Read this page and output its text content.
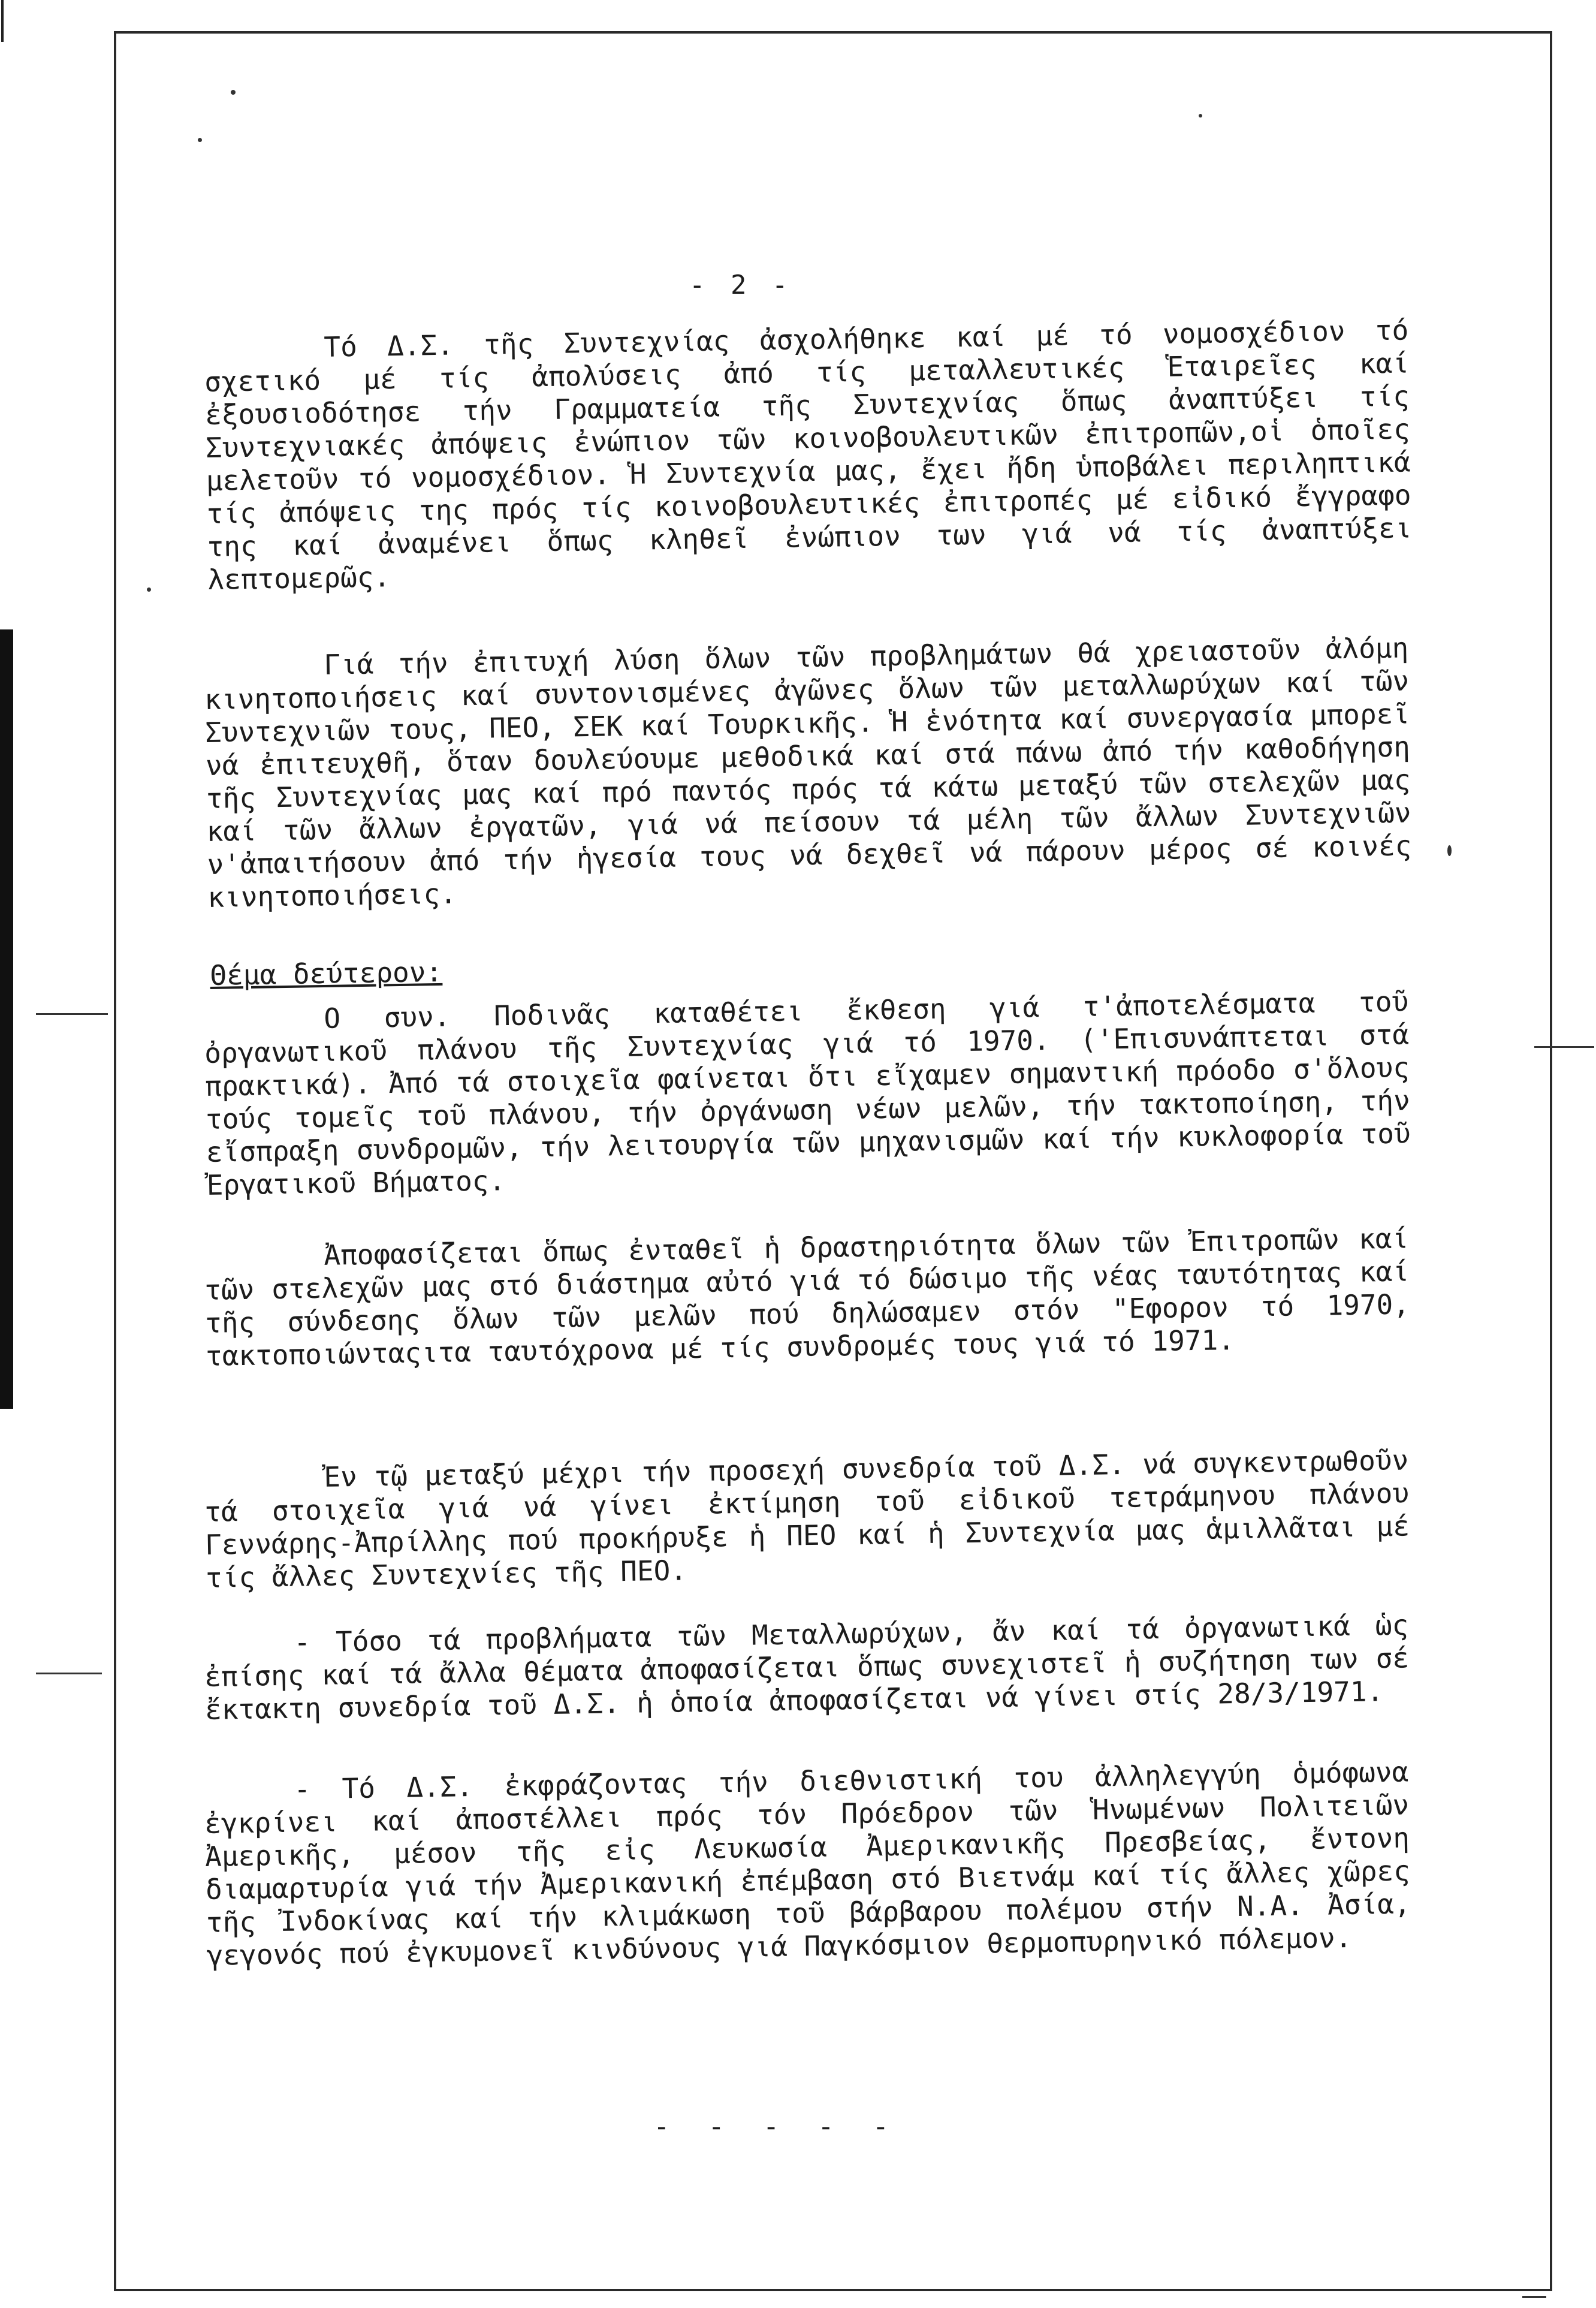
- 2 -
Τό Δ.Σ. τῆς Συντεχνίας ἀσχολήθηκε καί μέ τό νομοσχέδιον τό σχετικό μέ τίς ἀπολύσεις ἀπό τίς μεταλλευτικές Ἑταιρεῖες καί ἐξουσιοδότησε τήν Γραμματεία τῆς Συντεχνίας ὅπως ἀναπτύξει τίς Συντεχνιακές ἀπόψεις ἐνώπιον τῶν κοινοβουλευτικῶν ἐπιτροπῶν,οἱ ὁποῖες μελετοῦν τό νομοσχέδιον. Ἡ Συντεχνία μας, ἔχει ἤδη ὑποβάλει περιληπτικά τίς ἀπόψεις της πρός τίς κοινοβουλευτικές ἐπιτροπές μέ εἰδικό ἔγγραφο της καί ἀναμένει ὅπως κληθεῖ ἐνώπιον των γιά νά τίς ἀναπτύξει λεπτομερῶς.
Γιά τήν ἐπιτυχή λύση ὅλων τῶν προβλημάτων θά χρειαστοῦν ἀλόμη κινητοποιήσεις καί συντονισμένες ἀγῶνες ὅλων τῶν μεταλλωρύχων καί τῶν Συντεχνιῶν τους, ΠΕΟ, ΣΕΚ καί Τουρκικῆς. Ἡ ἑνότητα καί συνεργασία μπορεῖ νά ἐπιτευχθῆ, ὅταν δουλεύουμε μεθοδικά καί στά πάνω ἀπό τήν καθοδήγηση τῆς Συντεχνίας μας καί πρό παντός πρός τά κάτω μεταξύ τῶν στελεχῶν μας καί τῶν ἄλλων ἐργατῶν, γιά νά πείσουν τά μέλη τῶν ἄλλων Συντεχνιῶν ν'ἀπαιτήσουν ἀπό τήν ἡγεσία τους νά δεχθεῖ νά πάρουν μέρος σέ κοινές κινητοποιήσεις.
Θέμα δεύτερον:
Ο συν. Ποδινᾶς καταθέτει ἔκθεση γιά τ'ἀποτελέσματα τοῦ ὀργανωτικοῦ πλάνου τῆς Συντεχνίας γιά τό 1970. ('Επισυνάπτεται στά πρακτικά). Ἀπό τά στοιχεῖα φαίνεται ὅτι εἴχαμεν σημαντική πρόοδο σ'ὅλους τούς τομεῖς τοῦ πλάνου, τήν ὀργάνωση νέων μελῶν, τήν τακτοποίηση, τήν εἴσπραξη συνδρομῶν, τήν λειτουργία τῶν μηχανισμῶν καί τήν κυκλοφορία τοῦ Ἐργατικοῦ Βήματος.
Ἀποφασίζεται ὅπως ἐνταθεῖ ἡ δραστηριότητα ὅλων τῶν Ἐπιτροπῶν καί τῶν στελεχῶν μας στό διάστημα αὐτό γιά τό δώσιμο τῆς νέας ταυτότητας καί τῆς σύνδεσης ὅλων τῶν μελῶν πού δηλώσαμεν στόν "Εφορον τό 1970, τακτοποιώνταςιτα ταυτόχρονα μέ τίς συνδρομές τους γιά τό 1971.
Ἐν τῷ μεταξύ μέχρι τήν προσεχή συνεδρία τοῦ Δ.Σ. νά συγκεντρωθοῦν τά στοιχεῖα γιά νά γίνει ἐκτίμηση τοῦ εἰδικοῦ τετράμηνου πλάνου Γεννάρης-Ἀπρίλλης πού προκήρυξε ἡ ΠΕΟ καί ἡ Συντεχνία μας ἁμιλλᾶται μέ τίς ἄλλες Συντεχνίες τῆς ΠΕΟ.
- Τόσο τά προβλήματα τῶν Μεταλλωρύχων, ἄν καί τά ὀργανωτικά ὡς ἐπίσης καί τά ἄλλα θέματα ἀποφασίζεται ὅπως συνεχιστεῖ ἡ συζήτηση των σέ ἔκτακτη συνεδρία τοῦ Δ.Σ. ἡ ὁποία ἀποφασίζεται νά γίνει στίς 28/3/1971.
- Τό Δ.Σ. ἐκφράζοντας τήν διεθνιστική του ἀλληλεγγύη ὁμόφωνα ἐγκρίνει καί ἀποστέλλει πρός τόν Πρόεδρον τῶν Ἡνωμένων Πολιτειῶν Ἀμερικῆς, μέσον τῆς εἰς Λευκωσία Ἀμερικανικῆς Πρεσβείας, ἔντονη διαμαρτυρία γιά τήν Ἀμερικανική ἐπέμβαση στό Βιετνάμ καί τίς ἄλλες χῶρες τῆς Ἰνδοκίνας καί τήν κλιμάκωση τοῦ βάρβαρου πολέμου στήν Ν.Α. Ἀσία, γεγονός πού ἐγκυμονεῖ κινδύνους γιά Παγκόσμιον θερμοπυρηνικό πόλεμον.
- - - - -
